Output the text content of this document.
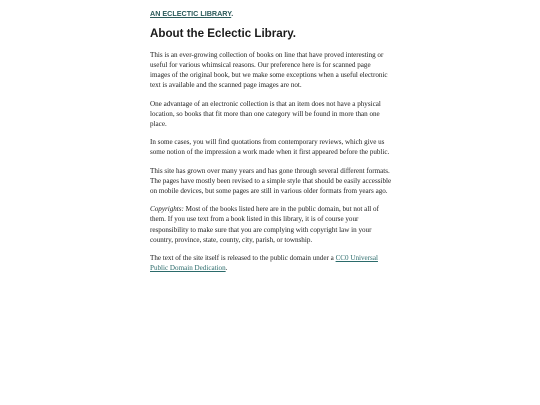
AN ECLECTIC LIBRARY.
About the Eclectic Library.

This is an ever-growing collection of books on line that have proved interesting or useful for various whimsical reasons. Our preference here is for scanned page images of the original book, but we make some exceptions when a useful electronic text is available and the scanned page images are not.

One advantage of an electronic collection is that an item does not have a physical location, so books that fit more than one category will be found in more than one place.

In some cases, you will find quotations from contemporary reviews, which give us some notion of the impression a work made when it first appeared before the public.

This site has grown over many years and has gone through several different formats. The pages have mostly been revised to a simple style that should be easily accessible on mobile devices, but some pages are still in various older formats from years ago.

Copyrights: Most of the books listed here are in the public domain, but not all of them. If you use text from a book listed in this library, it is of course your responsibility to make sure that you are complying with copyright law in your country, province, state, county, city, parish, or township.

The text of the site itself is released to the public domain under a CC0 Universal Public Domain Dedication.
